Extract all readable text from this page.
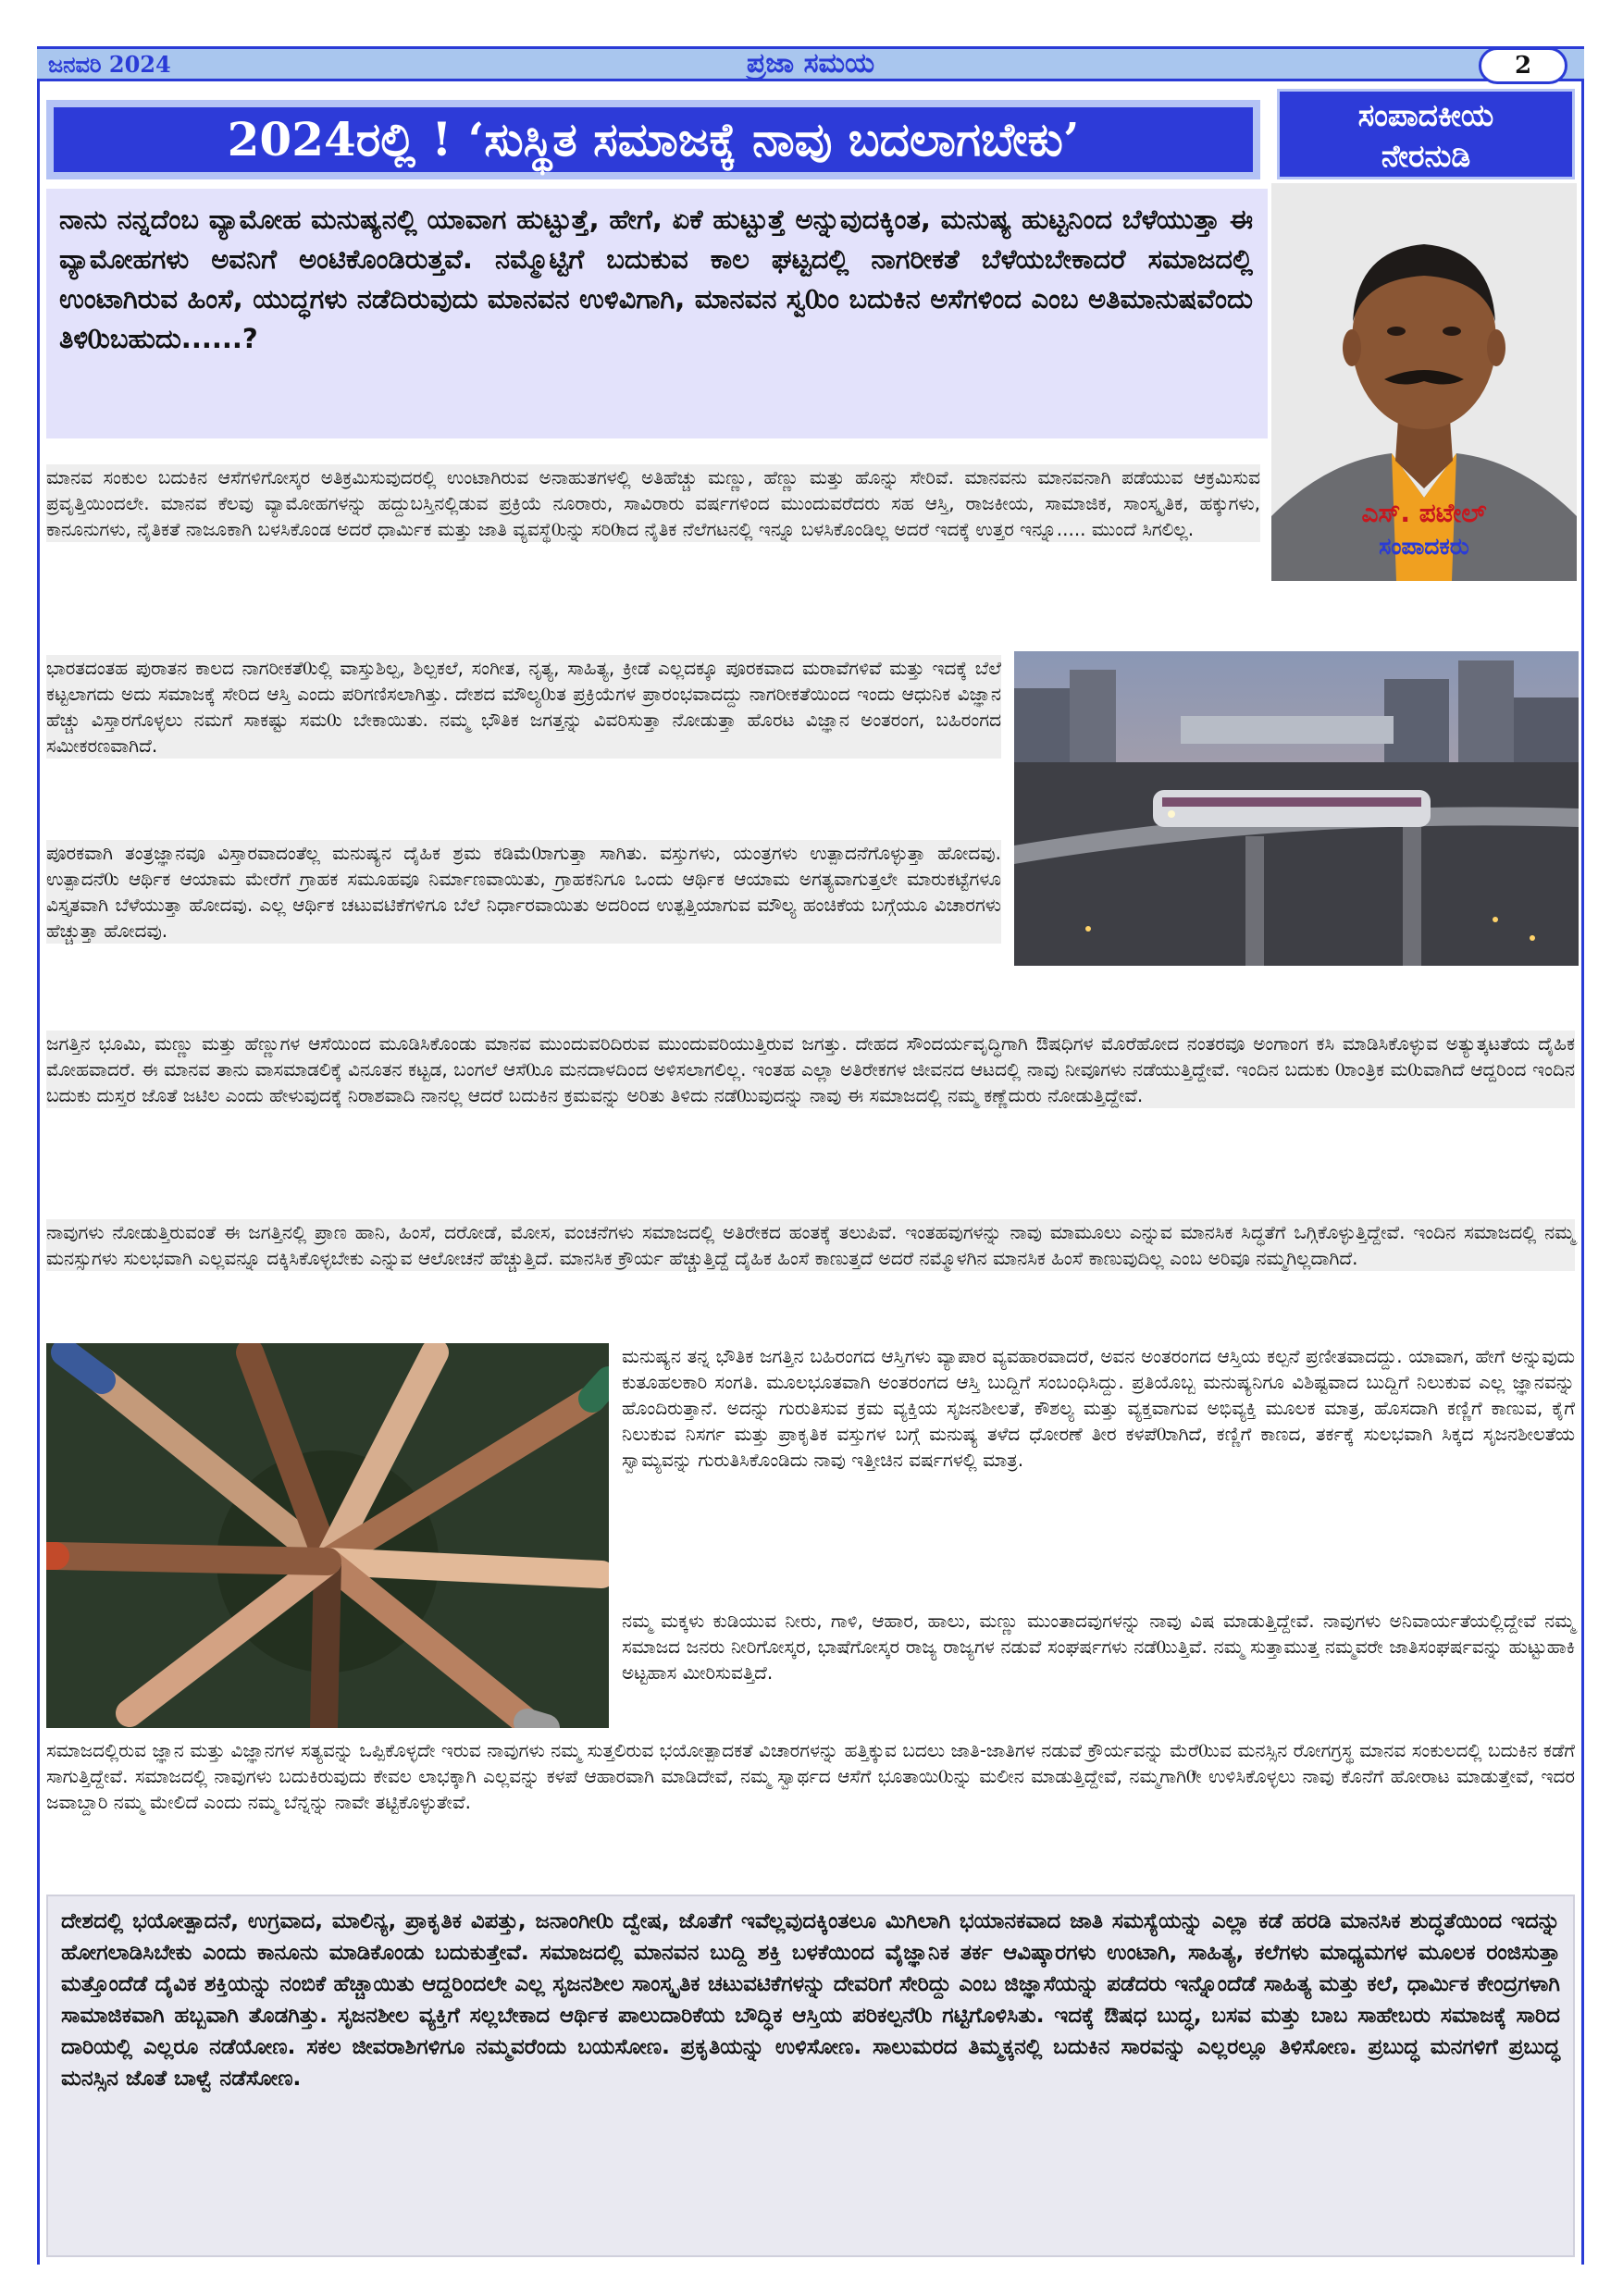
ಜನವರಿ 2024	ಪ್ರಜಾ ಸಮಯ	2
2024ರಲ್ಲಿ ! ‘ಸುಸ್ಥಿತ ಸಮಾಜಕ್ಕೆ ನಾವು ಬದಲಾಗಬೇಕು’	ಸಂಪಾದಕೀಯ
ನೇರನುಡಿ
ಎಸ್. ಪಟೇಲ್
ಸಂಪಾದಕರು
ನಾನು ನನ್ನದೆಂಬ ವ್ಯಾಮೋಹ ಮನುಷ್ಯನಲ್ಲಿ ಯಾವಾಗ ಹುಟ್ಟುತ್ತೆ, ಹೇಗೆ, ಏಕೆ ಹುಟ್ಟುತ್ತೆ ಅನ್ನುವುದಕ್ಕಿಂತ, ಮನುಷ್ಯ ಹುಟ್ಟನಿಂದ ಬೆಳೆಯುತ್ತಾ ಈ ವ್ಯಾಮೋಹಗಳು ಅವನಿಗೆ ಅಂಟಿಕೊಂಡಿರುತ್ತವೆ. ನಮ್ಮೊಟ್ಟಿಗೆ ಬದುಕುವ ಕಾಲ ಘಟ್ಟದಲ್ಲಿ ನಾಗರೀಕತೆ ಬೆಳೆಯಬೇಕಾದರೆ ಸಮಾಜದಲ್ಲಿ ಉಂಟಾಗಿರುವ ಹಿಂಸೆ, ಯುದ್ಧಗಳು ನಡೆದಿರುವುದು ಮಾನವನ ಉಳಿವಿಗಾಗಿ, ಮಾನವನ ಸ್ವ0ುಂ ಬದುಕಿನ ಅಸೆಗಳಿಂದ ಎಂಬ ಅತಿಮಾನುಷವೆಂದು ತಿಳಿ0ುಬಹುದು......?
ಮಾನವ ಸಂಕುಲ ಬದುಕಿನ ಆಸೆಗಳಿಗೋಸ್ಕರ ಅತಿಕ್ರಮಿಸುವುದರಲ್ಲಿ ಉಂಟಾಗಿರುವ ಅನಾಹುತಗಳಲ್ಲಿ ಅತಿಹೆಚ್ಚು ಮಣ್ಣು, ಹೆಣ್ಣು ಮತ್ತು ಹೊನ್ನು ಸೇರಿವೆ. ಮಾನವನು ಮಾನವನಾಗಿ ಪಡೆಯುವ ಆಕ್ರಮಿಸುವ ಪ್ರವೃತ್ತಿಯಿಂದಲೇ. ಮಾನವ ಕೆಲವು ವ್ಯಾಮೋಹಗಳನ್ನು ಹದ್ದುಬಸ್ತಿನಲ್ಲಿಡುವ ಪ್ರಕ್ರಿಯೆ ನೂರಾರು, ಸಾವಿರಾರು ವರ್ಷಗಳಿಂದ ಮುಂದುವರೆದರು ಸಹ ಆಸ್ತಿ, ರಾಜಕೀಯ, ಸಾಮಾಜಿಕ, ಸಾಂಸ್ಕೃತಿಕ, ಹಕ್ಕುಗಳು, ಕಾನೂನುಗಳು, ನೈತಿಕತೆ ನಾಜೂಕಾಗಿ ಬಳಸಿಕೊಂಡ ಅದರೆ ಧಾರ್ಮಿಕ ಮತ್ತು ಜಾತಿ ವ್ಯವಸ್ಥೆ0ುನ್ನು ಸರಿ0ಾದ ನೈತಿಕ ನೆಲೆಗಟನಲ್ಲಿ ಇನ್ನೂ ಬಳಸಿಕೊಂಡಿಲ್ಲ ಅದರೆ ಇದಕ್ಕೆ ಉತ್ತರ ಇನ್ನೂ..... ಮುಂದೆ ಸಿಗಲಿಲ್ಲ.
ಭಾರತದಂತಹ ಪುರಾತನ ಕಾಲದ ನಾಗರೀಕತೆ0ುಲ್ಲಿ ವಾಸ್ತುಶಿಲ್ಪ, ಶಿಲ್ಪಕಲೆ, ಸಂಗೀತ, ನೃತ್ಯ, ಸಾಹಿತ್ಯ, ಕ್ರೀಡೆ ಎಲ್ಲದಕ್ಕೂ ಪೂರಕವಾದ ಮರಾವೆಗಳಿವೆ ಮತ್ತು ಇದಕ್ಕೆ ಬೆಲೆ ಕಟ್ಟಲಾಗದು ಅದು ಸಮಾಜಕ್ಕೆ ಸೇರಿದ ಆಸ್ತಿ ಎಂದು ಪರಿಗಣಿಸಲಾಗಿತ್ತು. ದೇಶದ ಮೌಲ್ಯ0ುತ ಪ್ರಕ್ರಿಯೆಗಳ ಪ್ರಾರಂಭವಾದದ್ದು ನಾಗರೀಕತೆಯಿಂದ ಇಂದು ಆಧುನಿಕ ವಿಜ್ಞಾನ ಹೆಚ್ಚು ವಿಸ್ತಾರಗೊಳ್ಳಲು ನಮಗೆ ಸಾಕಷ್ಟು ಸಮ0ು ಬೇಕಾಯಿತು. ನಮ್ಮ ಭೌತಿಕ ಜಗತ್ತನ್ನು ವಿವರಿಸುತ್ತಾ ನೋಡುತ್ತಾ ಹೊರಟ ವಿಜ್ಞಾನ ಅಂತರಂಗ, ಬಹಿರಂಗದ ಸಮೀಕರಣವಾಗಿದೆ.
ಪೂರಕವಾಗಿ ತಂತ್ರಜ್ಞಾನವೂ ವಿಸ್ತಾರವಾದಂತೆಲ್ಲ ಮನುಷ್ಯನ ದೈಹಿಕ ಶ್ರಮ ಕಡಿಮೆ0ುಾಗುತ್ತಾ ಸಾಗಿತು. ವಸ್ತುಗಳು, ಯಂತ್ರಗಳು ಉತ್ಪಾದನೆಗೊಳ್ಳುತ್ತಾ ಹೋದವು. ಉತ್ಪಾದನೆ0ು ಆರ್ಥಿಕ ಆಯಾಮ ಮೇರೆಗೆ ಗ್ರಾಹಕ ಸಮೂಹವೂ ನಿರ್ಮಾಣವಾಯಿತು, ಗ್ರಾಹಕನಿಗೂ ಒಂದು ಆರ್ಥಿಕ ಆಯಾಮ ಅಗತ್ಯವಾಗುತ್ತಲೇ ಮಾರುಕಟ್ಟೆಗಳೂ ವಿಸ್ತೃತವಾಗಿ ಬೆಳೆಯುತ್ತಾ ಹೋದವು. ಎಲ್ಲ ಆರ್ಥಿಕ ಚಟುವಟಿಕೆಗಳಿಗೂ ಬೆಲೆ ನಿರ್ಧಾರವಾಯಿತು ಅದರಿಂದ ಉತ್ಪತ್ತಿಯಾಗುವ ಮೌಲ್ಯ ಹಂಚಿಕೆಯ ಬಗ್ಗೆಯೂ ವಿಚಾರಗಳು ಹೆಚ್ಚುತ್ತಾ ಹೋದವು.
ಜಗತ್ತಿನ ಭೂಮಿ, ಮಣ್ಣು ಮತ್ತು ಹೆಣ್ಣುಗಳ ಆಸೆಯಿಂದ ಮೂಡಿಸಿಕೊಂಡು ಮಾನವ ಮುಂದುವರಿದಿರುವ ಮುಂದುವರಿಯುತ್ತಿರುವ ಜಗತ್ತು. ದೇಹದ ಸೌಂದರ್ಯವೃದ್ಧಿಗಾಗಿ ಔಷಧಿಗಳ ಮೊರೆಹೋದ ನಂತರವೂ ಅಂಗಾಂಗ ಕಸಿ ಮಾಡಿಸಿಕೊಳ್ಳುವ ಅತ್ಯುತ್ಕಟತೆಯ ದೈಹಿಕ ಮೋಹವಾದರೆ. ಈ ಮಾನವ ತಾನು ವಾಸಮಾಡಲಿಕ್ಕೆ ವಿನೂತನ ಕಟ್ಟಡ, ಬಂಗಲೆ ಆಸೆ0ುೂ ಮನದಾಳದಿಂದ ಅಳಿಸಲಾಗಲಿಲ್ಲ. ಇಂತಹ ಎಲ್ಲಾ ಅತಿರೇಕಗಳ ಜೀವನದ ಆಟದಲ್ಲಿ ನಾವು ನೀವೂಗಳು ನಡೆಯುತ್ತಿದ್ದೇವೆ. ಇಂದಿನ ಬದುಕು 0ುಾಂತ್ರಿಕ ಮ0ುವಾಗಿದೆ ಆದ್ದರಿಂದ ಇಂದಿನ ಬದುಕು ದುಸ್ತರ ಜೊತೆ ಜಟಿಲ ಎಂದು ಹೇಳುವುದಕ್ಕೆ ನಿರಾಶವಾದಿ ನಾನಲ್ಲ ಆದರೆ ಬದುಕಿನ ಕ್ರಮವನ್ನು ಅರಿತು ತಿಳಿದು ನಡೆ0ುುವುದನ್ನು ನಾವು ಈ ಸಮಾಜದಲ್ಲಿ ನಮ್ಮ ಕಣ್ಣೆದುರು ನೋಡುತ್ತಿದ್ದೇವೆ.
ನಾವುಗಳು ನೋಡುತ್ತಿರುವಂತೆ ಈ ಜಗತ್ತಿನಲ್ಲಿ ಪ್ರಾಣ ಹಾನಿ, ಹಿಂಸೆ, ದರೋಡೆ, ಮೋಸ, ವಂಚನೆಗಳು ಸಮಾಜದಲ್ಲಿ ಅತಿರೇಕದ ಹಂತಕ್ಕೆ ತಲುಪಿವೆ. ಇಂತಹವುಗಳನ್ನು ನಾವು ಮಾಮೂಲು ಎನ್ನುವ ಮಾನಸಿಕ ಸಿದ್ಧತೆಗೆ ಒಗ್ಗಿಕೊಳ್ಳುತ್ತಿದ್ದೇವೆ. ಇಂದಿನ ಸಮಾಜದಲ್ಲಿ ನಮ್ಮ ಮನಸ್ಸುಗಳು ಸುಲಭವಾಗಿ ಎಲ್ಲವನ್ನೂ ದಕ್ಕಿಸಿಕೊಳ್ಳಬೇಕು ಎನ್ನುವ ಆಲೋಚನೆ ಹೆಚ್ಚುತ್ತಿದೆ. ಮಾನಸಿಕ ಕ್ರೌರ್ಯ ಹೆಚ್ಚುತ್ತಿದ್ದೆ ದೈಹಿಕ ಹಿಂಸೆ ಕಾಣುತ್ತದೆ ಅದರೆ ನಮ್ಮೊಳಗಿನ ಮಾನಸಿಕ ಹಿಂಸೆ ಕಾಣುವುದಿಲ್ಲ ಎಂಬ ಅರಿವೂ ನಮ್ಮಗಿಲ್ಲದಾಗಿದೆ.
ಮನುಷ್ಯನ ತನ್ನ ಭೌತಿಕ ಜಗತ್ತಿನ ಬಹಿರಂಗದ ಆಸ್ತಿಗಳು ವ್ಯಾಪಾರ ವ್ಯವಹಾರವಾದರೆ, ಅವನ ಅಂತರಂಗದ ಆಸ್ತಿಯ ಕಲ್ಪನೆ ಪ್ರಣೀತವಾದದ್ದು. ಯಾವಾಗ, ಹೇಗೆ ಅನ್ನುವುದು ಕುತೂಹಲಕಾರಿ ಸಂಗತಿ. ಮೂಲಭೂತವಾಗಿ ಅಂತರಂಗದ ಆಸ್ತಿ ಬುದ್ದಿಗೆ ಸಂಬಂಧಿಸಿದ್ದು. ಪ್ರತಿಯೊಬ್ಬ ಮನುಷ್ಯನಿಗೂ ವಿಶಿಷ್ಟವಾದ ಬುದ್ದಿಗೆ ನಿಲುಕುವ ಎಲ್ಲ ಜ್ಞಾನವನ್ನು ಹೊಂದಿರುತ್ತಾನೆ. ಅದನ್ನು ಗುರುತಿಸುವ ಕ್ರಮ ವ್ಯಕ್ತಿಯ ಸೃಜನಶೀಲತೆ, ಕೌಶಲ್ಯ ಮತ್ತು ವ್ಯಕ್ತವಾಗುವ ಅಭಿವ್ಯಕ್ತಿ ಮೂಲಕ ಮಾತ್ರ, ಹೊಸದಾಗಿ ಕಣ್ಣಿಗೆ ಕಾಣುವ, ಕೈಗೆ ನಿಲುಕುವ ನಿಸರ್ಗ ಮತ್ತು ಪ್ರಾಕೃತಿಕ ವಸ್ತುಗಳ ಬಗ್ಗೆ ಮನುಷ್ಯ ತಳೆದ ಧೋರಣೆ ತೀರ ಕಳಪೆ0ುಾಗಿದೆ, ಕಣ್ಣಿಗೆ ಕಾಣದ, ತರ್ಕಕ್ಕೆ ಸುಲಭವಾಗಿ ಸಿಕ್ಕದ ಸೃಜನಶೀಲತೆಯ ಸ್ವಾಮ್ಯವನ್ನು ಗುರುತಿಸಿಕೊಂಡಿದು ನಾವು ಇತ್ತೀಚಿನ ವರ್ಷಗಳಲ್ಲಿ ಮಾತ್ರ.
ನಮ್ಮ ಮಕ್ಕಳು ಕುಡಿಯುವ ನೀರು, ಗಾಳಿ, ಆಹಾರ, ಹಾಲು, ಮಣ್ಣು ಮುಂತಾದವುಗಳನ್ನು ನಾವು ವಿಷ ಮಾಡುತ್ತಿದ್ದೇವೆ. ನಾವುಗಳು ಅನಿವಾರ್ಯತೆಯಲ್ಲಿದ್ದೇವೆ ನಮ್ಮ ಸಮಾಜದ ಜನರು ನೀರಿಗೋಸ್ಕರ, ಭಾಷೆಗೋಸ್ಕರ ರಾಜ್ಯ ರಾಜ್ಯಗಳ ನಡುವೆ ಸಂಘರ್ಷಗಳು ನಡೆ0ುುತ್ತಿವೆ. ನಮ್ಮ ಸುತ್ತಾಮುತ್ತ ನಮ್ಮವರೇ ಜಾತಿಸಂಘರ್ಷವನ್ನು ಹುಟ್ಟುಹಾಕಿ ಅಟ್ಟಹಾಸ ಮೀರಿಸುವತ್ತಿದೆ.
ಸಮಾಜದಲ್ಲಿರುವ ಜ್ಞಾನ ಮತ್ತು ವಿಜ್ಞಾನಗಳ ಸತ್ಯವನ್ನು ಒಪ್ಪಿಕೊಳ್ಳದೇ ಇರುವ ನಾವುಗಳು ನಮ್ಮ ಸುತ್ತಲಿರುವ ಭಯೋತ್ಪಾದಕತೆ ವಿಚಾರಗಳನ್ನು ಹತ್ತಿಕ್ಕುವ ಬದಲು ಜಾತಿ-ಜಾತಿಗಳ ನಡುವೆ ಕ್ರೌರ್ಯವನ್ನು ಮೆರೆ0ುುವ ಮನಸ್ಸಿನ ರೋಗಗ್ರಸ್ಥ ಮಾನವ ಸಂಕುಲದಲ್ಲಿ ಬದುಕಿನ ಕಡೆಗೆ ಸಾಗುತ್ತಿದ್ದೇವೆ. ಸಮಾಜದಲ್ಲಿ ನಾವುಗಳು ಬದುಕಿರುವುದು ಕೇವಲ ಲಾಭಕ್ಕಾಗಿ ಎಲ್ಲವನ್ನು ಕಳಪೆ ಆಹಾರವಾಗಿ ಮಾಡಿದೇವೆ, ನಮ್ಮ ಸ್ವಾರ್ಥದ ಆಸೆಗೆ ಭೂತಾಯಿ0ುನ್ನು ಮಲೀನ ಮಾಡುತ್ತಿದ್ದೇವೆ, ನಮ್ಮಗಾಗಿ0ೇ ಉಳಿಸಿಕೊಳ್ಳಲು ನಾವು ಕೊನೆಗೆ ಹೋರಾಟ ಮಾಡುತ್ತೇವೆ, ಇದರ ಜವಾಬ್ದಾರಿ ನಮ್ಮ ಮೇಲಿದೆ ಎಂದು ನಮ್ಮ ಬೆನ್ನನ್ನು ನಾವೇ ತಟ್ಟಿಕೊಳ್ಳುತೇವೆ.
ದೇಶದಲ್ಲಿ ಭಯೋತ್ಪಾದನೆ, ಉಗ್ರವಾದ, ಮಾಲಿನ್ಯ, ಪ್ರಾಕೃತಿಕ ವಿಪತ್ತು, ಜನಾಂಗೀ0ು ದ್ವೇಷ, ಜೊತೆಗೆ ಇವೆಲ್ಲವುದಕ್ಕಿಂತಲೂ ಮಿಗಿಲಾಗಿ ಭಯಾನಕವಾದ ಜಾತಿ ಸಮಸ್ಯೆಯನ್ನು ಎಲ್ಲಾ ಕಡೆ ಹರಡಿ ಮಾನಸಿಕ ಶುದ್ಧತೆಯಿಂದ ಇದನ್ನು ಹೋಗಲಾಡಿಸಿಬೇಕು ಎಂದು ಕಾನೂನು ಮಾಡಿಕೊಂಡು ಬದುಕುತ್ತೇವೆ. ಸಮಾಜದಲ್ಲಿ ಮಾನವನ ಬುದ್ದಿ ಶಕ್ತಿ ಬಳಕೆಯಿಂದ ವೈಜ್ಞಾನಿಕ ತರ್ಕ ಆವಿಷ್ಕಾರಗಳು ಉಂಟಾಗಿ, ಸಾಹಿತ್ಯ, ಕಲೆಗಳು ಮಾಧ್ಯಮಗಳ ಮೂಲಕ ರಂಜಿಸುತ್ತಾ ಮತ್ತೊಂದೆಡೆ ದೈವಿಕ ಶಕ್ತಿಯನ್ನು ನಂಬಿಕೆ ಹೆಚ್ಚಾಯಿತು ಆದ್ದರಿಂದಲೇ ಎಲ್ಲ ಸೃಜನಶೀಲ ಸಾಂಸ್ಕೃತಿಕ ಚಟುವಟಿಕೆಗಳನ್ನು ದೇವರಿಗೆ ಸೇರಿದ್ದು ಎಂಬ ಜಿಜ್ಞಾಸೆಯನ್ನು ಪಡೆದರು ಇನ್ನೊಂದೆಡೆ ಸಾಹಿತ್ಯ ಮತ್ತು ಕಲೆ, ಧಾರ್ಮಿಕ ಕೇಂದ್ರಗಳಾಗಿ ಸಾಮಾಜಿಕವಾಗಿ ಹಬ್ಬವಾಗಿ ತೊಡಗಿತ್ತು. ಸೃಜನಶೀಲ ವ್ಯಕ್ತಿಗೆ ಸಲ್ಲಬೇಕಾದ ಆರ್ಥಿಕ ಪಾಲುದಾರಿಕೆಯ ಬೌದ್ಧಿಕ ಆಸ್ತಿಯ ಪರಿಕಲ್ಪನೆ0ು ಗಟ್ಟಿಗೊಳಿಸಿತು. ಇದಕ್ಕೆ ಔಷಧ ಬುದ್ಧ, ಬಸವ ಮತ್ತು ಬಾಬ ಸಾಹೇಬರು ಸಮಾಜಕ್ಕೆ ಸಾರಿದ ದಾರಿಯಲ್ಲಿ ಎಲ್ಲರೂ ನಡೆಯೋಣ. ಸಕಲ ಜೀವರಾಶಿಗಳಿಗೂ ನಮ್ಮವರೆಂದು ಬಯಸೋಣ. ಪ್ರಕೃತಿಯನ್ನು ಉಳಿಸೋಣ. ಸಾಲುಮರದ ತಿಮ್ಮಕ್ಕನಲ್ಲಿ ಬದುಕಿನ ಸಾರವನ್ನು ಎಲ್ಲರಲ್ಲೂ ತಿಳಿಸೋಣ. ಪ್ರಬುದ್ಧ ಮನಗಳಿಗೆ ಪ್ರಬುದ್ಧ ಮನಸ್ಸಿನ ಜೊತೆ ಬಾಳ್ವೆ ನಡೆಸೋಣ.
